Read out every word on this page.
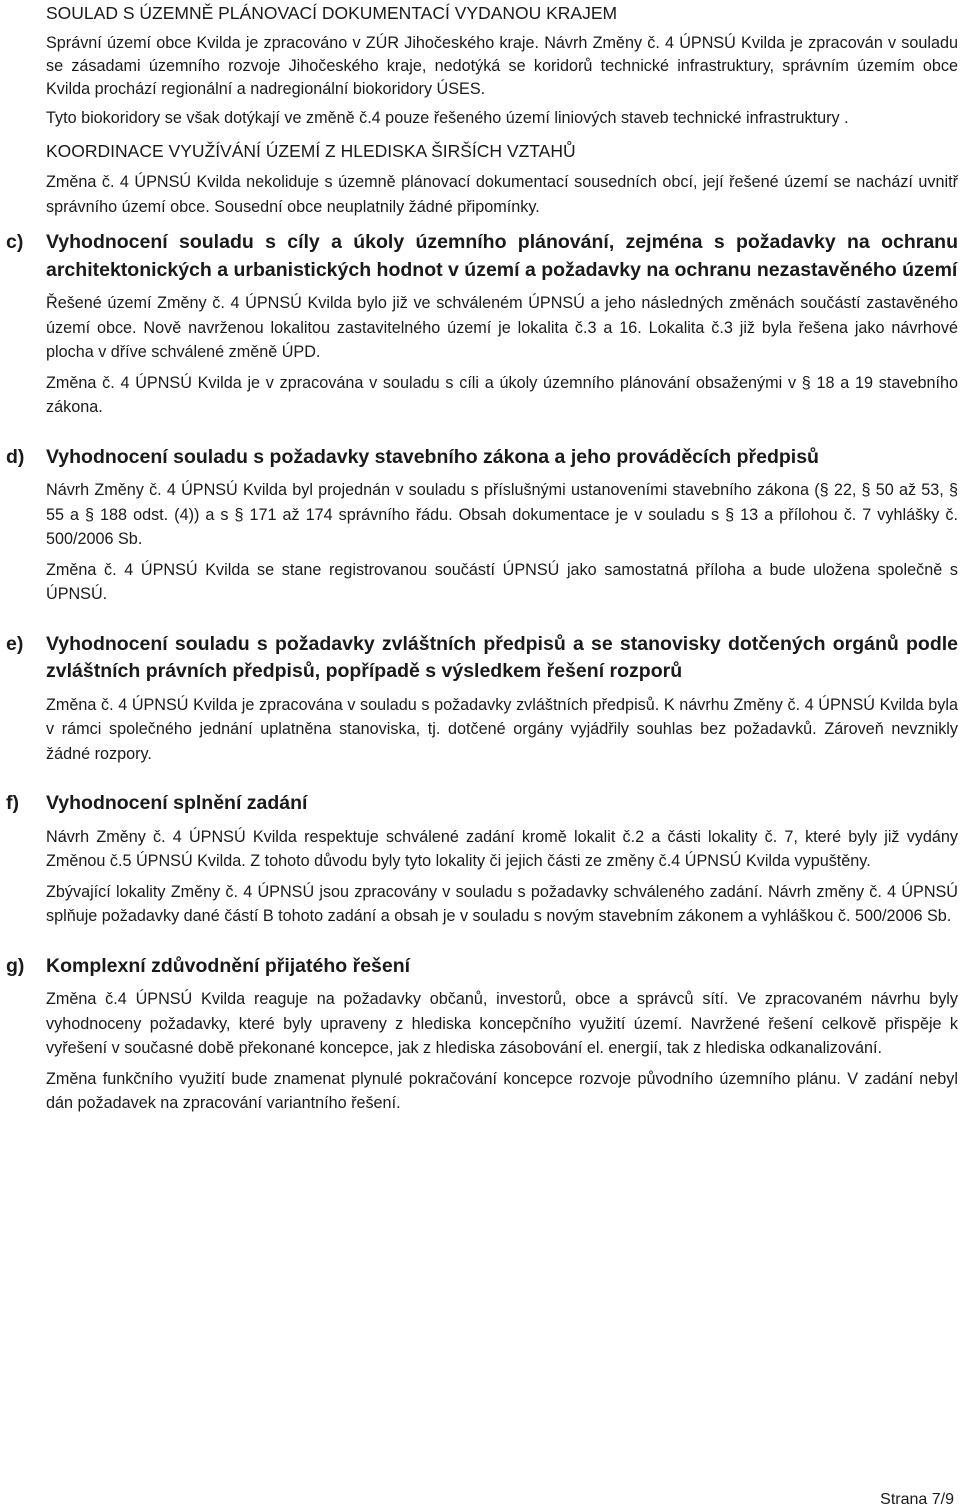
SOULAD S ÚZEMNĚ PLÁNOVACÍ DOKUMENTACÍ VYDANOU KRAJEM

Správní území obce Kvilda je zpracováno v ZÚR Jihočeského kraje. Návrh Změny č. 4 ÚPNSÚ Kvilda je zpracován v souladu se zásadami územního rozvoje Jihočeského kraje, nedotýká se koridorů technické infrastruktury, správním územím obce Kvilda prochází regionální a nadregionální biokoridory ÚSES.

Tyto biokoridory se však dotýkají ve změně č.4 pouze řešeného území liniových staveb technické infrastruktury .

KOORDINACE VYUŽÍVÁNÍ ÚZEMÍ Z HLEDISKA ŠIRŠÍCH VZTAHŮ

Změna č. 4 ÚPNSÚ Kvilda nekoliduje s územně plánovací dokumentací sousedních obcí, její řešené území se nachází uvnitř správního území obce. Sousední obce neuplatnily žádné připomínky.

c) Vyhodnocení souladu s cíly a úkoly územního plánování, zejména s požadavky na ochranu architektonických a urbanistických hodnot v území a požadavky na ochranu nezastavěného území

Řešené území Změny č. 4 ÚPNSÚ Kvilda bylo již ve schváleném ÚPNSÚ a jeho následných změnách součástí zastavěného území obce. Nově navrženou lokalitou zastavitelného území je lokalita č.3 a 16. Lokalita č.3 již byla řešena jako návrhové plocha v dříve schválené změně ÚPD.

Změna č. 4 ÚPNSÚ Kvilda je v zpracována v souladu s cíli a úkoly územního plánování obsaženými v § 18 a 19 stavebního zákona.

d) Vyhodnocení souladu s požadavky stavebního zákona a jeho prováděcích předpisů

Návrh Změny č. 4 ÚPNSÚ Kvilda byl projednán v souladu s příslušnými ustanoveními stavebního zákona (§ 22, § 50 až 53, § 55 a § 188 odst. (4)) a s § 171 až 174 správního řádu. Obsah dokumentace je v souladu s § 13 a přílohou č. 7 vyhlášky č. 500/2006 Sb.

Změna č. 4 ÚPNSÚ Kvilda se stane registrovanou součástí ÚPNSÚ jako samostatná příloha a bude uložena společně s ÚPNSÚ.

e) Vyhodnocení souladu s požadavky zvláštních předpisů a se stanovisky dotčených orgánů podle zvláštních právních předpisů, popřípadě s výsledkem řešení rozporů

Změna č. 4 ÚPNSÚ Kvilda je zpracována v souladu s požadavky zvláštních předpisů. K návrhu Změny č. 4 ÚPNSÚ Kvilda byla v rámci společného jednání uplatněna stanoviska, tj. dotčené orgány vyjádřily souhlas bez požadavků. Zároveň nevznikly žádné rozpory.

f) Vyhodnocení splnění zadání

Návrh Změny č. 4 ÚPNSÚ Kvilda respektuje schválené zadání kromě lokalit č.2 a části lokality č. 7, které byly již vydány Změnou č.5 ÚPNSÚ Kvilda. Z tohoto důvodu byly tyto lokality či jejich části ze změny č.4 ÚPNSÚ Kvilda vypuštěny.

Zbývající lokality Změny č. 4 ÚPNSÚ jsou zpracovány v souladu s požadavky schváleného zadání. Návrh změny č. 4 ÚPNSÚ splňuje požadavky dané částí B tohoto zadání a obsah je v souladu s novým stavebním zákonem a vyhláškou č. 500/2006 Sb.

g) Komplexní zdůvodnění přijatého řešení

Změna č.4 ÚPNSÚ Kvilda reaguje na požadavky občanů, investorů, obce a správců sítí. Ve zpracovaném návrhu byly vyhodnoceny požadavky, které byly upraveny z hlediska koncepčního využití území. Navržené řešení celkově přispěje k vyřešení v současné době překonané koncepce, jak z hlediska zásobování el. energií, tak z hlediska odkanalizování.

Změna funkčního využití bude znamenat plynulé pokračování koncepce rozvoje původního územního plánu. V zadání nebyl dán požadavek na zpracování variantního řešení.

Strana 7/9
